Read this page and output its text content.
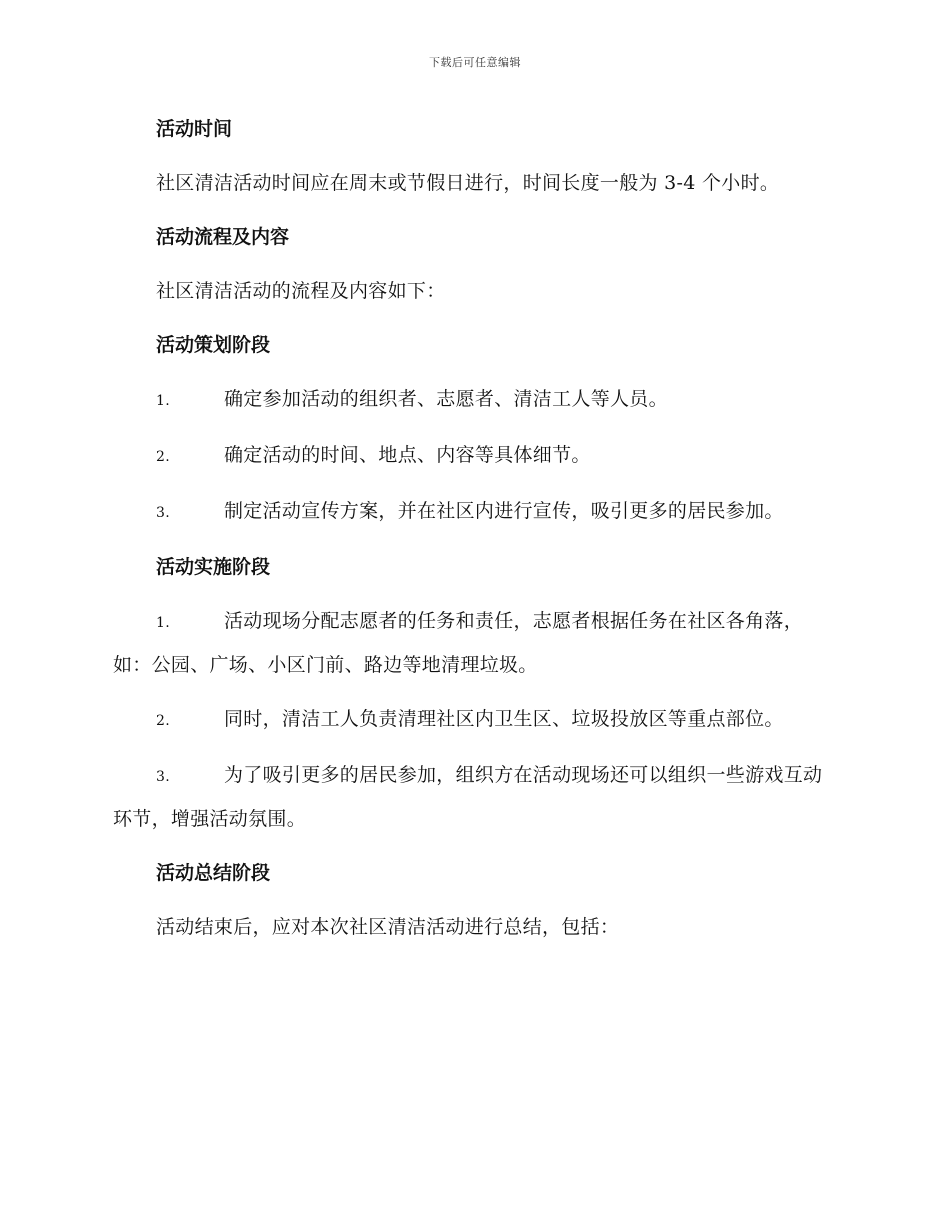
下载后可任意编辑
活动时间

社区清洁活动时间应在周末或节假日进行，时间长度一般为 3-4 个小时。

活动流程及内容

社区清洁活动的流程及内容如下：

活动策划阶段

1.	确定参加活动的组织者、志愿者、清洁工人等人员。

2.	确定活动的时间、地点、内容等具体细节。

3.	制定活动宣传方案，并在社区内进行宣传，吸引更多的居民参加。

活动实施阶段

1.	活动现场分配志愿者的任务和责任，志愿者根据任务在社区各角落，如：公园、广场、小区门前、路边等地清理垃圾。

2.	同时，清洁工人负责清理社区内卫生区、垃圾投放区等重点部位。

3.	为了吸引更多的居民参加，组织方在活动现场还可以组织一些游戏互动环节，增强活动氛围。

活动总结阶段

活动结束后，应对本次社区清洁活动进行总结，包括：
